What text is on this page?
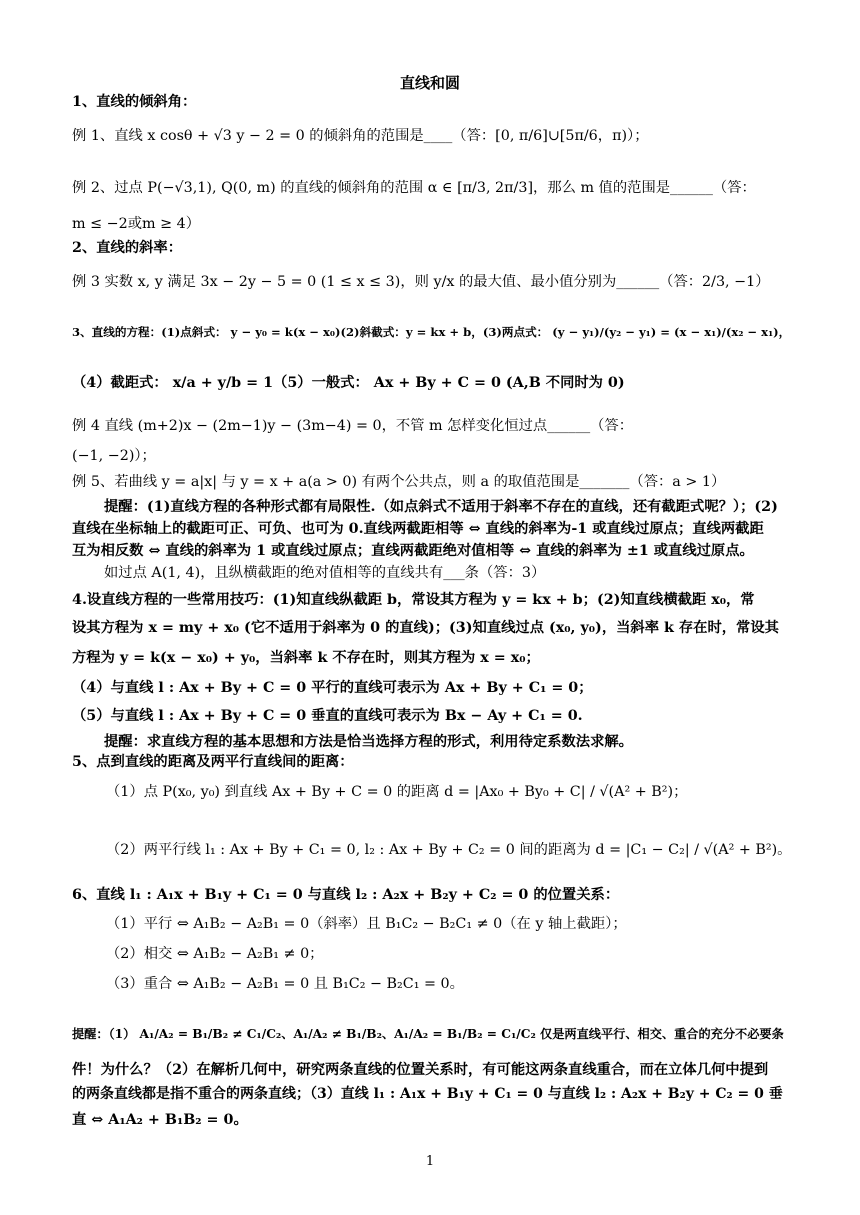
直线和圆
1、直线的倾斜角：
例 1、直线 x cosθ + √3 y − 2 = 0 的倾斜角的范围是____（答：[0, π/6]∪[5π/6，π)）；
例 2、过点 P(−√3,1), Q(0, m) 的直线的倾斜角的范围 α ∈ [π/3, 2π/3]，那么 m 值的范围是______（答：
m ≤ −2或m ≥ 4）
2、直线的斜率：
例 3 实数 x, y 满足 3x − 2y − 5 = 0 (1 ≤ x ≤ 3)，则 y/x 的最大值、最小值分别为______（答：2/3, −1）
3、直线的方程：(1)点斜式： y − y₀ = k(x − x₀)(2)斜截式：y = kx + b，(3)两点式： (y − y₁)/(y₂ − y₁) = (x − x₁)/(x₂ − x₁)，
（4）截距式： x/a + y/b = 1（5）一般式： Ax + By + C = 0 (A,B 不同时为 0)
例 4 直线 (m+2)x − (2m−1)y − (3m−4) = 0，不管 m 怎样变化恒过点______（答：
(−1, −2)）；
例 5、若曲线 y = a|x| 与 y = x + a(a > 0) 有两个公共点，则 a 的取值范围是_______（答：a > 1）
提醒：(1)直线方程的各种形式都有局限性.（如点斜式不适用于斜率不存在的直线，还有截距式呢？）；(2)
直线在坐标轴上的截距可正、可负、也可为 0.直线两截距相等 ⇔ 直线的斜率为-1 或直线过原点；直线两截距
互为相反数 ⇔ 直线的斜率为 1 或直线过原点；直线两截距绝对值相等 ⇔ 直线的斜率为 ±1 或直线过原点。
如过点 A(1, 4)，且纵横截距的绝对值相等的直线共有___条（答：3）
4.设直线方程的一些常用技巧：(1)知直线纵截距 b，常设其方程为 y = kx + b；(2)知直线横截距 x₀，常
设其方程为 x = my + x₀ (它不适用于斜率为 0 的直线)；(3)知直线过点 (x₀, y₀)，当斜率 k 存在时，常设其
方程为 y = k(x − x₀) + y₀，当斜率 k 不存在时，则其方程为 x = x₀；
（4）与直线 l : Ax + By + C = 0 平行的直线可表示为 Ax + By + C₁ = 0；
（5）与直线 l : Ax + By + C = 0 垂直的直线可表示为 Bx − Ay + C₁ = 0.
提醒：求直线方程的基本思想和方法是恰当选择方程的形式，利用待定系数法求解。
5、点到直线的距离及两平行直线间的距离：
（1）点 P(x₀, y₀) 到直线 Ax + By + C = 0 的距离 d = |Ax₀ + By₀ + C| / √(A² + B²)；
（2）两平行线 l₁ : Ax + By + C₁ = 0, l₂ : Ax + By + C₂ = 0 间的距离为 d = |C₁ − C₂| / √(A² + B²)。
6、直线 l₁ : A₁x + B₁y + C₁ = 0 与直线 l₂ : A₂x + B₂y + C₂ = 0 的位置关系：
（1）平行 ⇔ A₁B₂ − A₂B₁ = 0（斜率）且 B₁C₂ − B₂C₁ ≠ 0（在 y 轴上截距）；
（2）相交 ⇔ A₁B₂ − A₂B₁ ≠ 0；
（3）重合 ⇔ A₁B₂ − A₂B₁ = 0 且 B₁C₂ − B₂C₁ = 0。
提醒：（1） A₁/A₂ = B₁/B₂ ≠ C₁/C₂、A₁/A₂ ≠ B₁/B₂、A₁/A₂ = B₁/B₂ = C₁/C₂ 仅是两直线平行、相交、重合的充分不必要条
件！为什么？（2）在解析几何中，研究两条直线的位置关系时，有可能这两条直线重合，而在立体几何中提到
的两条直线都是指不重合的两条直线；（3）直线 l₁ : A₁x + B₁y + C₁ = 0 与直线 l₂ : A₂x + B₂y + C₂ = 0 垂
直 ⇔ A₁A₂ + B₁B₂ = 0。
1
